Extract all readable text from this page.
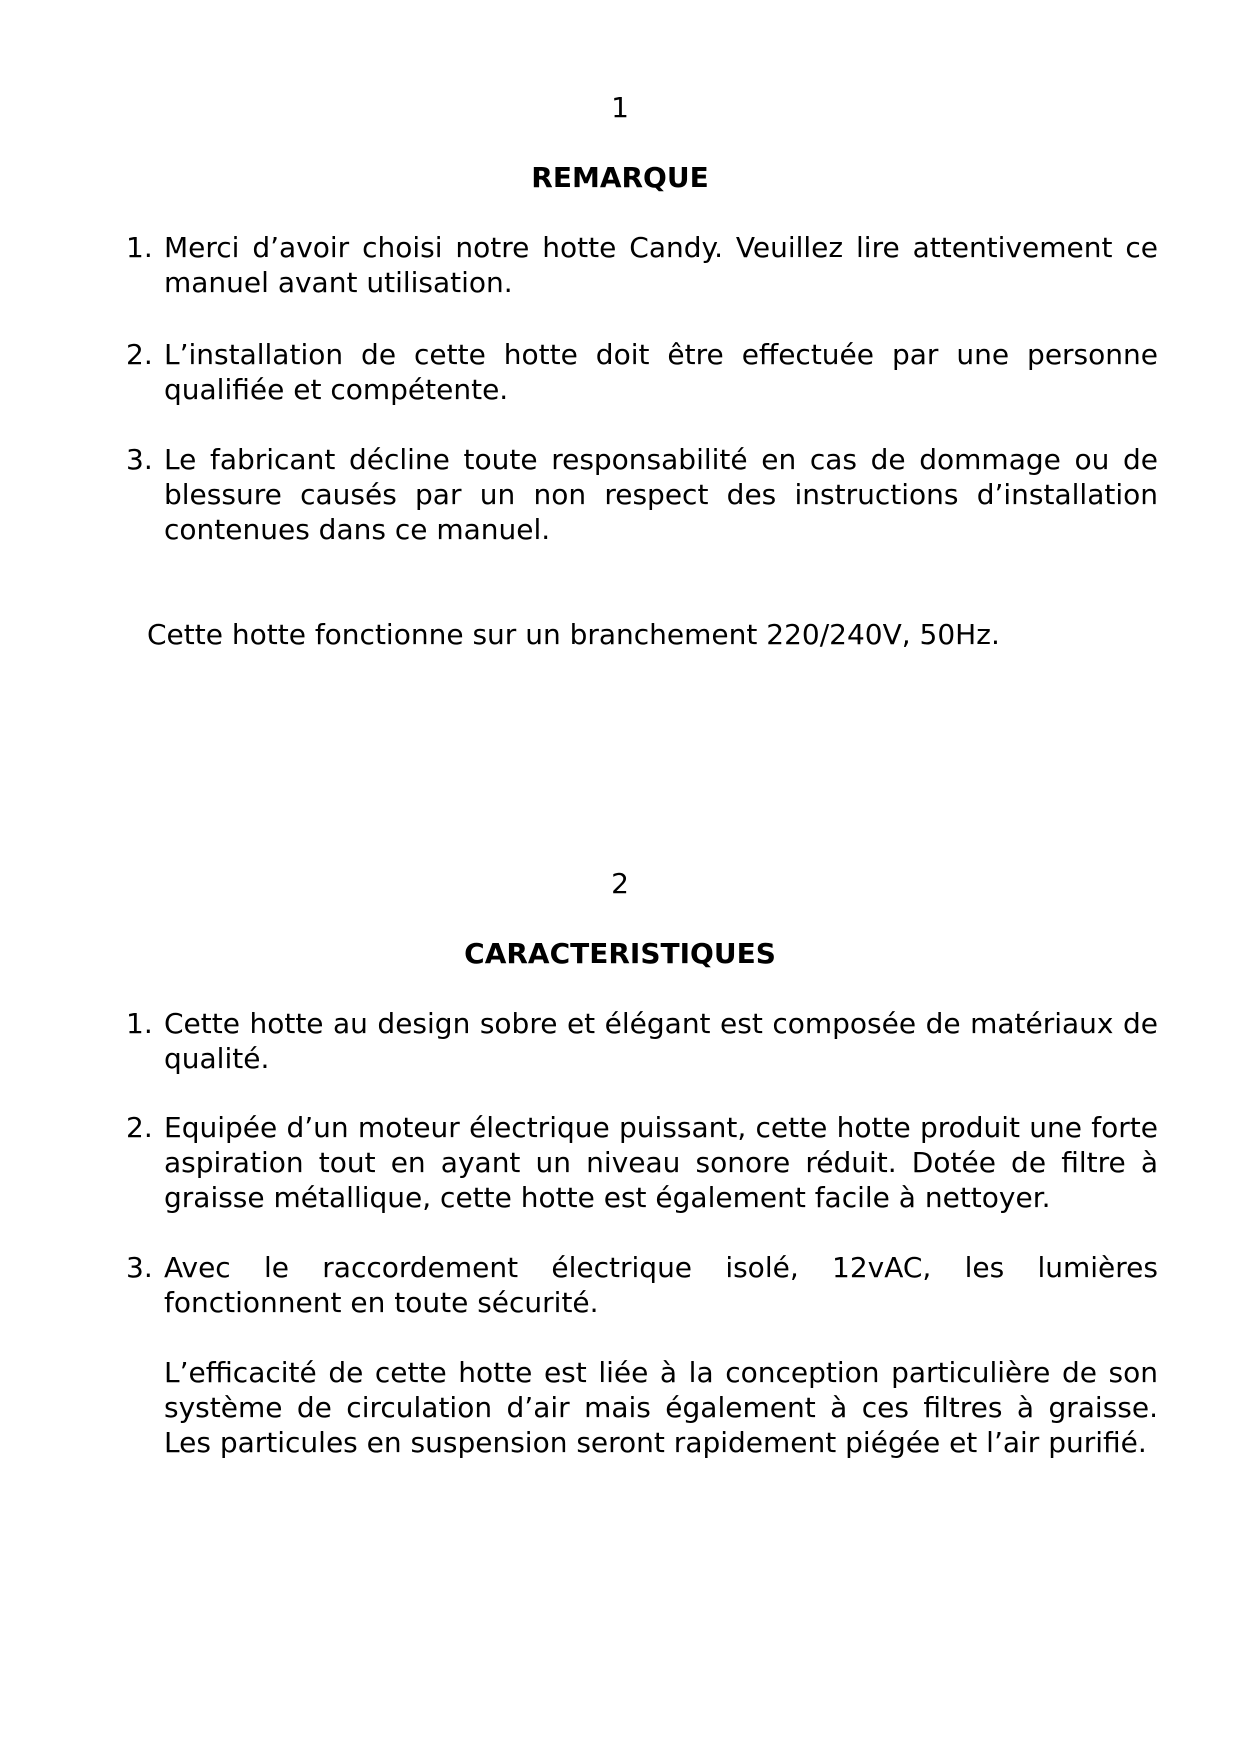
1
REMARQUE
1. Merci d’avoir choisi notre hotte Candy. Veuillez lire attentivement ce manuel avant utilisation.
2. L’installation de cette hotte doit être effectuée par une personne qualifiée et compétente.
3. Le fabricant décline toute responsabilité en cas de dommage ou de blessure causés par un non respect des instructions d’installation contenues dans ce manuel.
Cette hotte fonctionne sur un branchement 220/240V, 50Hz.
2
CARACTERISTIQUES
1. Cette hotte au design sobre et élégant est composée de matériaux de qualité.
2. Equipée d’un moteur électrique puissant, cette hotte produit une forte aspiration tout en ayant un niveau sonore réduit. Dotée de filtre à graisse métallique, cette hotte est également facile à nettoyer.
3. Avec le raccordement électrique isolé, 12vAC, les lumières fonctionnent en toute sécurité.
L’efficacité de cette hotte est liée à la conception particulière de son système de circulation d’air mais également à ces filtres à graisse. Les particules en suspension seront rapidement piégée et l’air purifié.
